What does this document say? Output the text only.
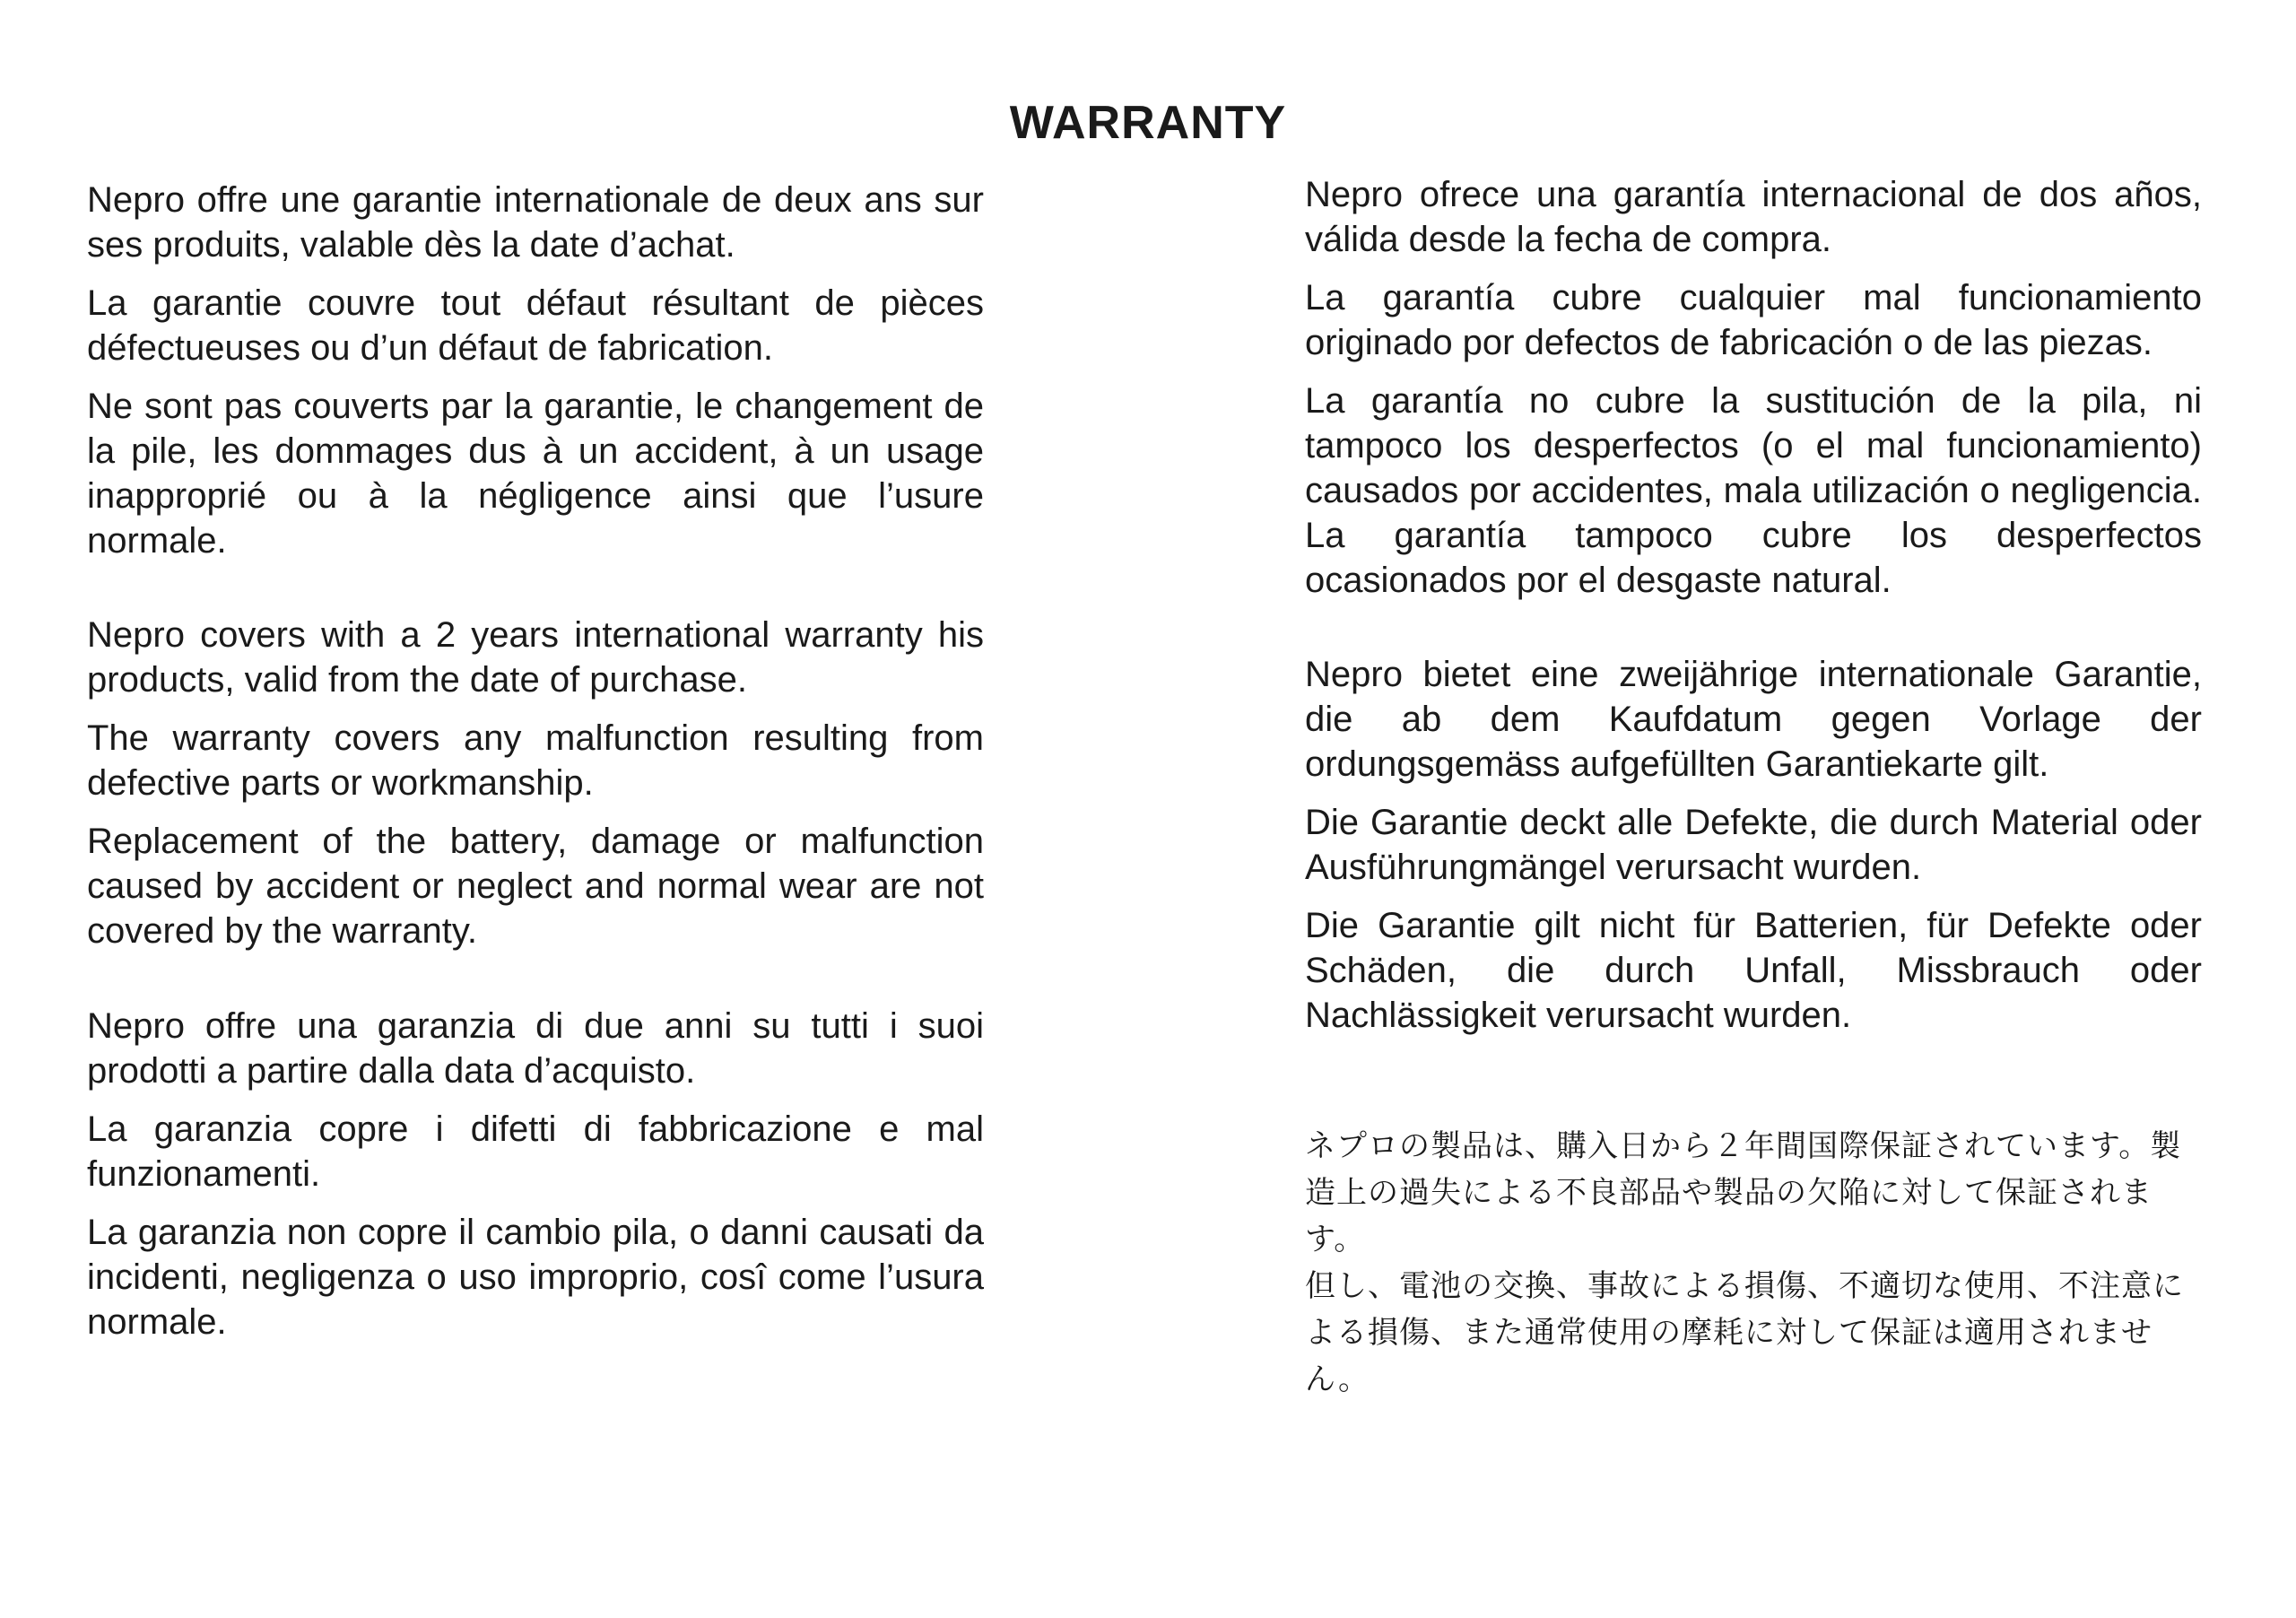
WARRANTY

Nepro offre une garantie internationale de deux ans sur ses produits, valable dès la date d’achat.

La garantie couvre tout défaut résultant de pièces défectueuses ou d’un défaut de fabrication.

Ne sont pas couverts par la garantie, le changement de la pile, les dommages dus à un accident, à un usage inapproprié ou à la négligence ainsi que l’usure normale.

Nepro covers with a 2 years international warranty his products, valid from the date of purchase.

The warranty covers any malfunction resulting from defective parts or workmanship.

Replacement of the battery, damage or malfunction caused by accident or neglect and normal wear are not covered by the warranty.

Nepro offre una garanzia di due anni su tutti i suoi prodotti a partire dalla data d’acquisto.

La garanzia copre i difetti di fabbricazione e mal funzionamenti.

La garanzia non copre il cambio pila, o danni causati da incidenti, negligenza o uso improprio, cosî come l’usura normale.

Nepro ofrece una garantía internacional de dos años, válida desde la fecha de compra.

La garantía cubre cualquier mal funcionamiento originado por defectos de fabricación o de las piezas.

La garantía no cubre la sustitución de la pila, ni tampoco los desperfectos (o el mal funcionamiento) causados por accidentes, mala utilización o negligencia. La garantía tampoco cubre los desperfectos ocasionados por el desgaste natural.

Nepro bietet eine zweijährige internationale Garantie, die ab dem Kaufdatum gegen Vorlage der ordungsgemäss aufgefüllten Garantiekarte gilt.

Die Garantie deckt alle Defekte, die durch Material oder Ausführungmängel verursacht wurden.

Die Garantie gilt nicht für Batterien, für Defekte oder Schäden, die durch Unfall, Missbrauch oder Nachlässigkeit verursacht wurden.

ネプロの製品は、購入日から２年間国際保証されています。製造上の過失による不良部品や製品の欠陥に対して保証されます。

但し、電池の交換、事故による損傷、不適切な使用、不注意による損傷、また通常使用の摩耗に対して保証は適用されません。
